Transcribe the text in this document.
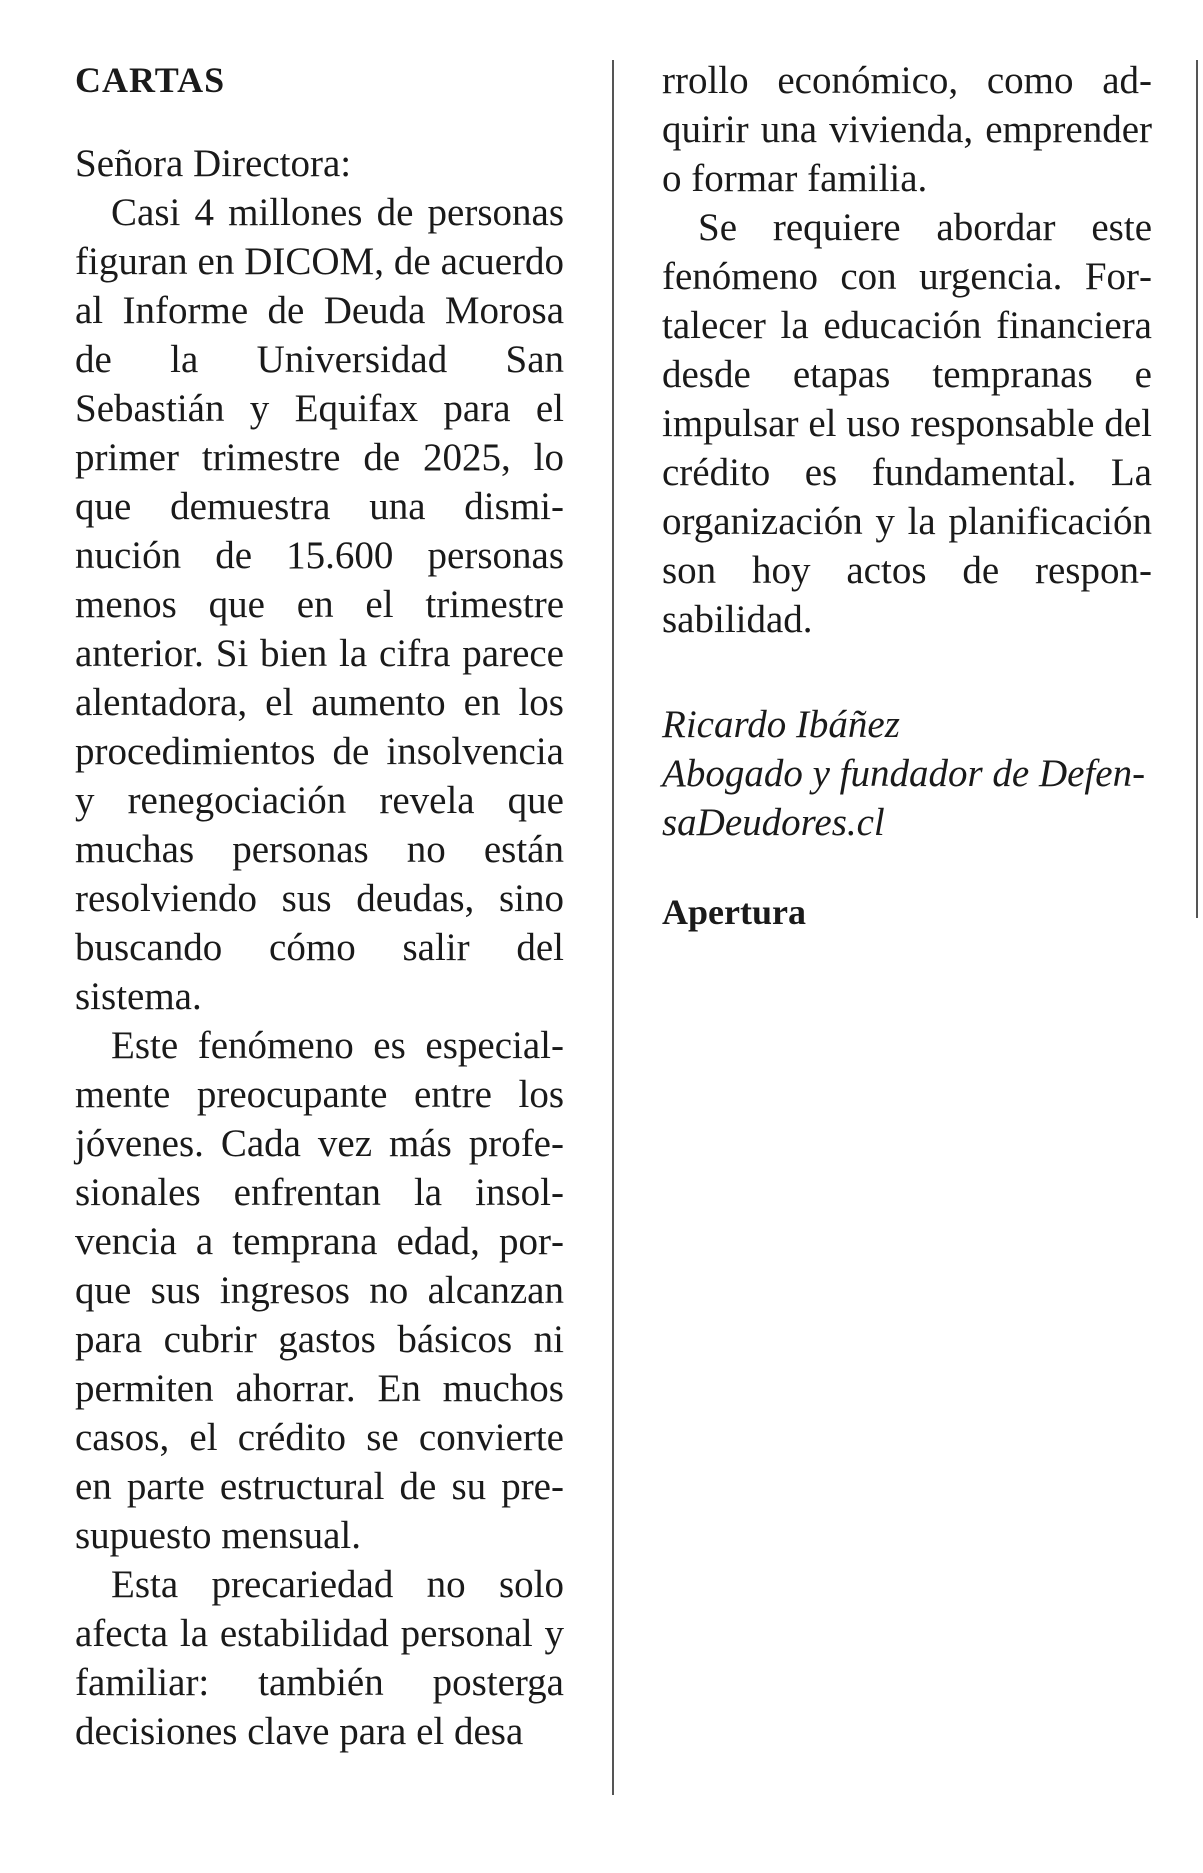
CARTAS
Señora Directora:

Casi 4 millones de personas figuran en DICOM, de acuerdo al Informe de Deuda Morosa de la Universidad San Sebastián y Equifax para el primer trimestre de 2025, lo que demuestra una disminución de 15.600 personas menos que en el trimestre anterior. Si bien la cifra parece alentadora, el aumento en los procedimientos de insolvencia y renegociación revela que muchas personas no están resolviendo sus deudas, sino buscando cómo salir del sistema.

Este fenómeno es especialmente preocupante entre los jóvenes. Cada vez más profesionales enfrentan la insolvencia a temprana edad, porque sus ingresos no alcanzan para cubrir gastos básicos ni permiten ahorrar. En muchos casos, el crédito se convierte en parte estructural de su presupuesto mensual.

Esta precariedad no solo afecta la estabilidad personal y familiar: también posterga decisiones clave para el desa

rrollo económico, como adquirir una vivienda, emprender o formar familia.

Se requiere abordar este fenómeno con urgencia. Fortalecer la educación financiera desde etapas tempranas e impulsar el uso responsable del crédito es fundamental. La organización y la planificación son hoy actos de responsabilidad.

Ricardo Ibáñez
Abogado y fundador de DefensaDeudores.cl
Apertura
